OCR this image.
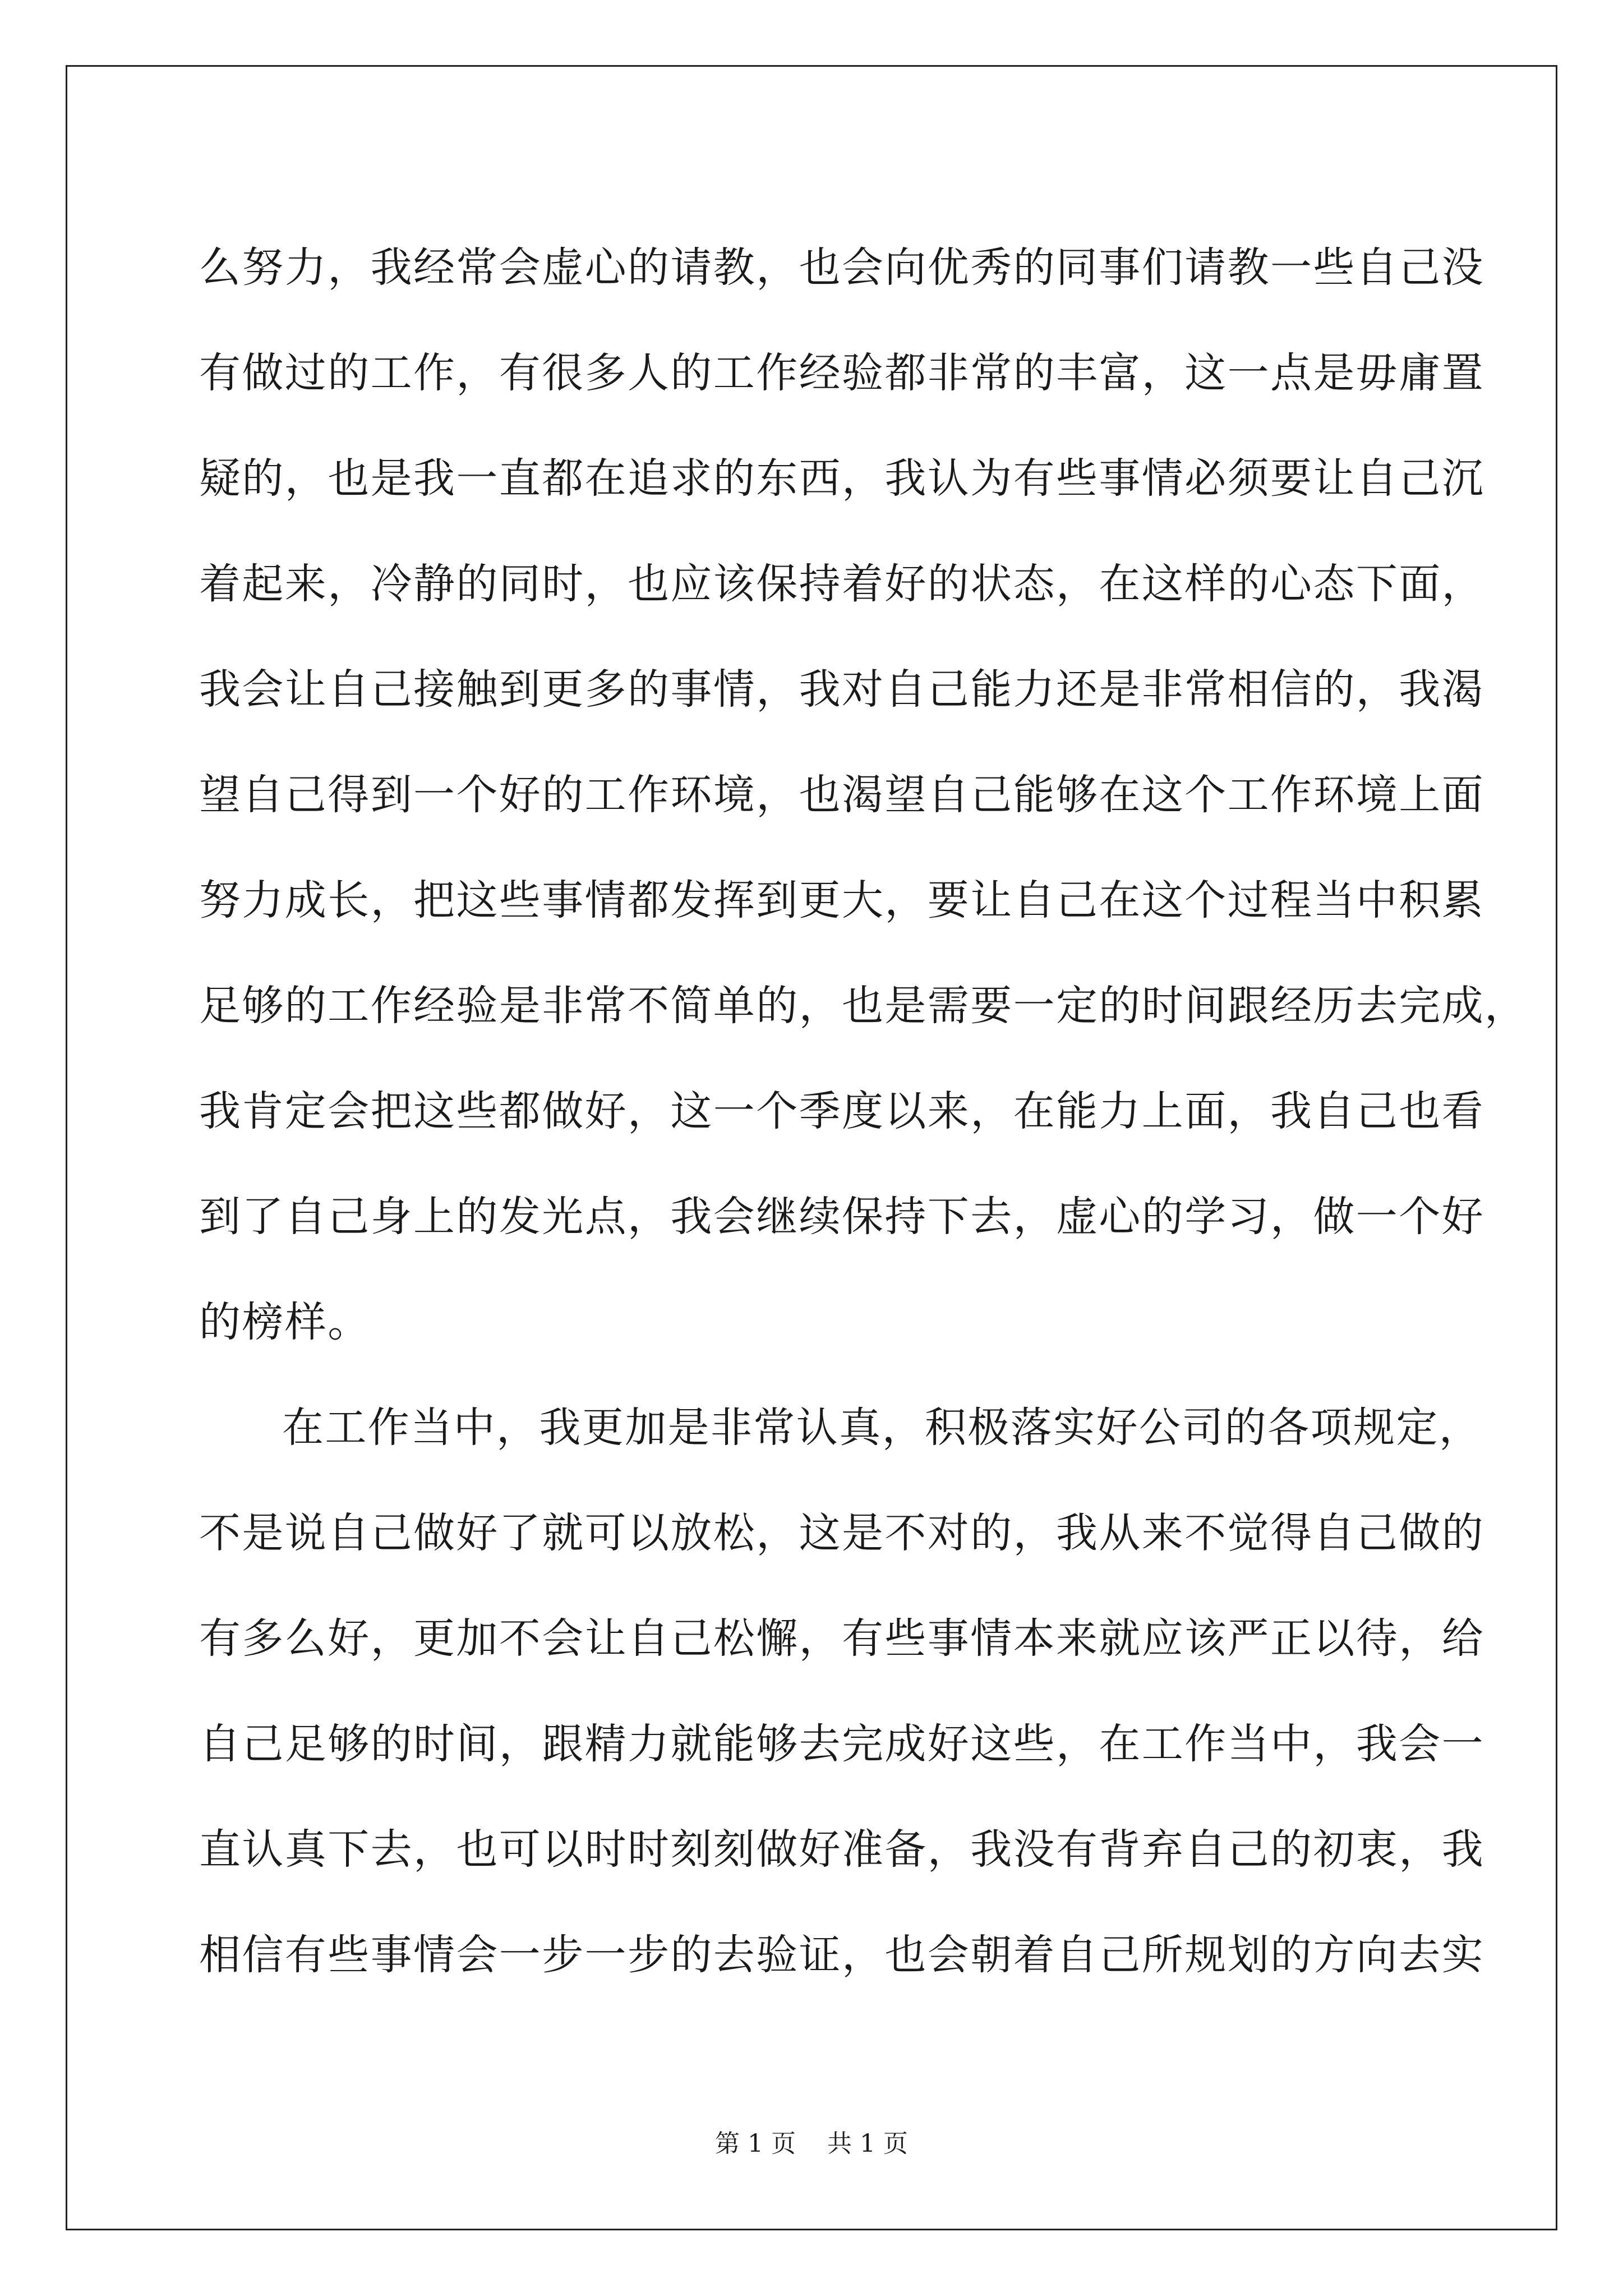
么努力，我经常会虚心的请教，也会向优秀的同事们请教一些自己没
有做过的工作，有很多人的工作经验都非常的丰富，这一点是毋庸置
疑的，也是我一直都在追求的东西，我认为有些事情必须要让自己沉
着起来，冷静的同时，也应该保持着好的状态，在这样的心态下面，
我会让自己接触到更多的事情，我对自己能力还是非常相信的，我渴
望自己得到一个好的工作环境，也渴望自己能够在这个工作环境上面
努力成长，把这些事情都发挥到更大，要让自己在这个过程当中积累
足够的工作经验是非常不简单的，也是需要一定的时间跟经历去完成，
我肯定会把这些都做好，这一个季度以来，在能力上面，我自己也看
到了自己身上的发光点，我会继续保持下去，虚心的学习，做一个好
的榜样。
在工作当中，我更加是非常认真，积极落实好公司的各项规定，
不是说自己做好了就可以放松，这是不对的，我从来不觉得自己做的
有多么好，更加不会让自己松懈，有些事情本来就应该严正以待，给
自己足够的时间，跟精力就能够去完成好这些，在工作当中，我会一
直认真下去，也可以时时刻刻做好准备，我没有背弃自己的初衷，我
相信有些事情会一步一步的去验证，也会朝着自己所规划的方向去实
第 1 页    共 1 页
